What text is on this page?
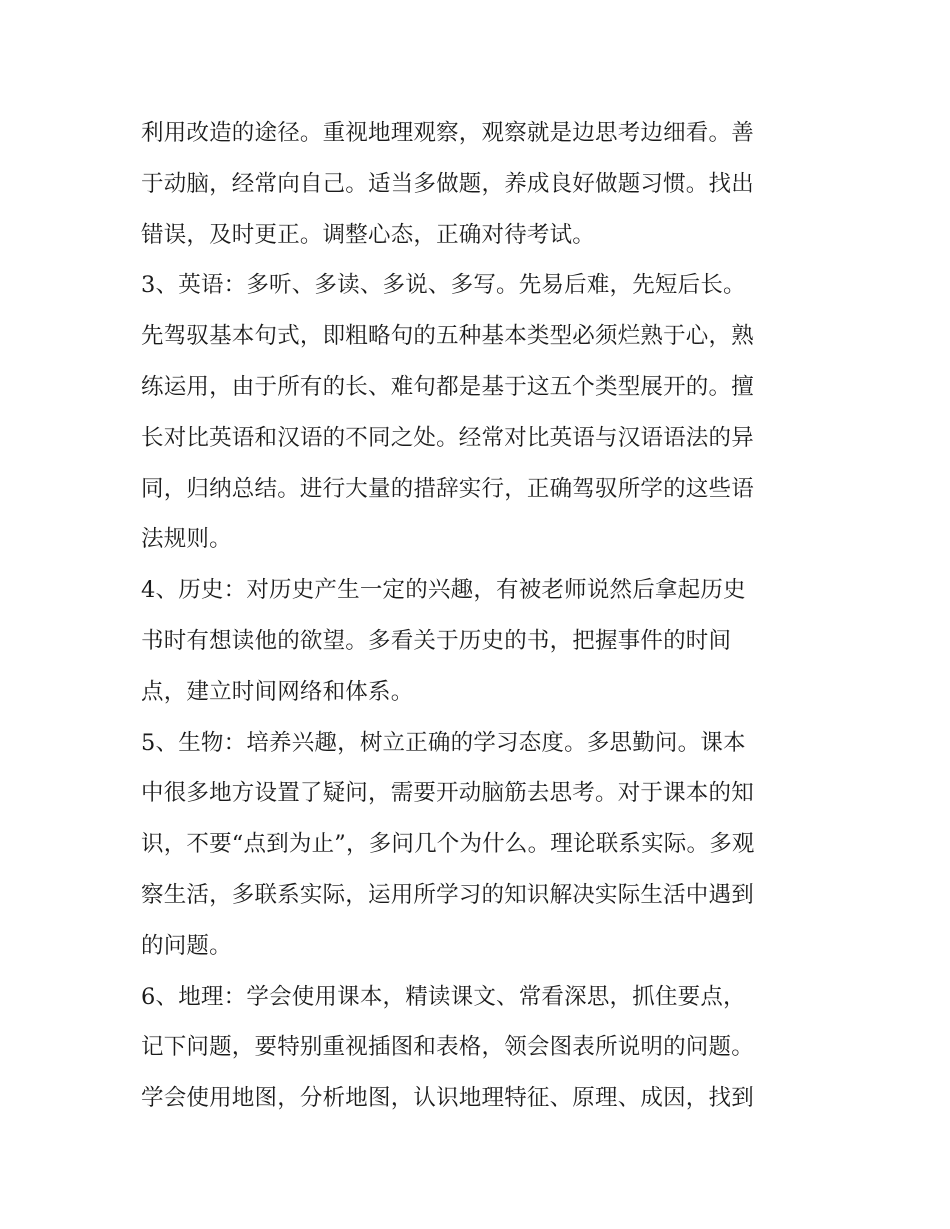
利用改造的途径。重视地理观察，观察就是边思考边细看。善
于动脑，经常向自己。适当多做题，养成良好做题习惯。找出
错误，及时更正。调整心态，正确对待考试。
3、英语：多听、多读、多说、多写。先易后难，先短后长。
先驾驭基本句式，即粗略句的五种基本类型必须烂熟于心，熟
练运用，由于所有的长、难句都是基于这五个类型展开的。擅
长对比英语和汉语的不同之处。经常对比英语与汉语语法的异
同，归纳总结。进行大量的措辞实行，正确驾驭所学的这些语
法规则。
4、历史：对历史产生一定的兴趣，有被老师说然后拿起历史
书时有想读他的欲望。多看关于历史的书，把握事件的时间
点，建立时间网络和体系。
5、生物：培养兴趣，树立正确的学习态度。多思勤问。课本
中很多地方设置了疑问，需要开动脑筋去思考。对于课本的知
识，不要“点到为止”，多问几个为什么。理论联系实际。多观
察生活，多联系实际，运用所学习的知识解决实际生活中遇到
的问题。
6、地理：学会使用课本，精读课文、常看深思，抓住要点，
记下问题，要特别重视插图和表格，领会图表所说明的问题。
学会使用地图，分析地图，认识地理特征、原理、成因，找到
